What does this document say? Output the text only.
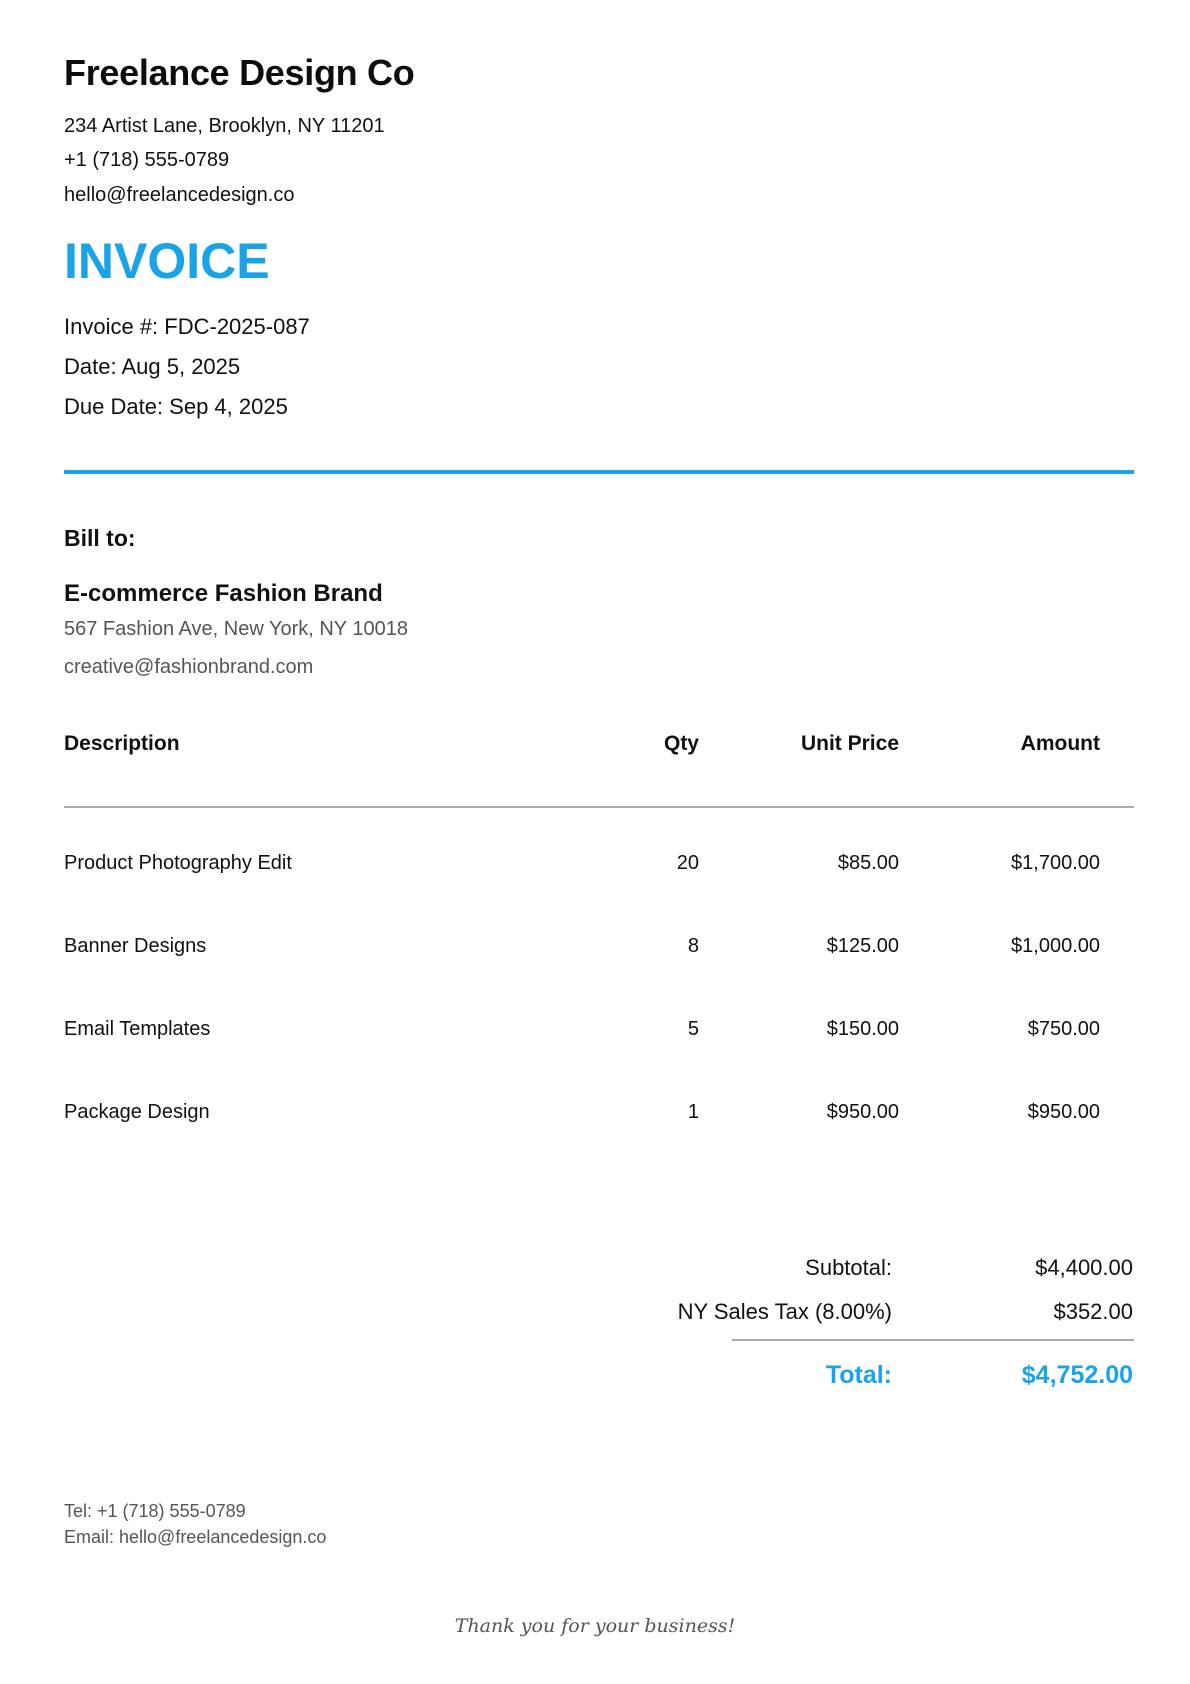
Freelance Design Co
234 Artist Lane, Brooklyn, NY 11201
+1 (718) 555-0789
hello@freelancedesign.co
INVOICE
Invoice #: FDC-2025-087
Date: Aug 5, 2025
Due Date: Sep 4, 2025
Bill to:
E-commerce Fashion Brand
567 Fashion Ave, New York, NY 10018
creative@fashionbrand.com
Description	Qty	Unit Price	Amount
Product Photography Edit	20	$85.00	$1,700.00
Banner Designs	8	$125.00	$1,000.00
Email Templates	5	$150.00	$750.00
Package Design	1	$950.00	$950.00
Subtotal:	$4,400.00
NY Sales Tax (8.00%)	$352.00
Total:	$4,752.00
Tel: +1 (718) 555-0789
Email: hello@freelancedesign.co
Thank you for your business!
